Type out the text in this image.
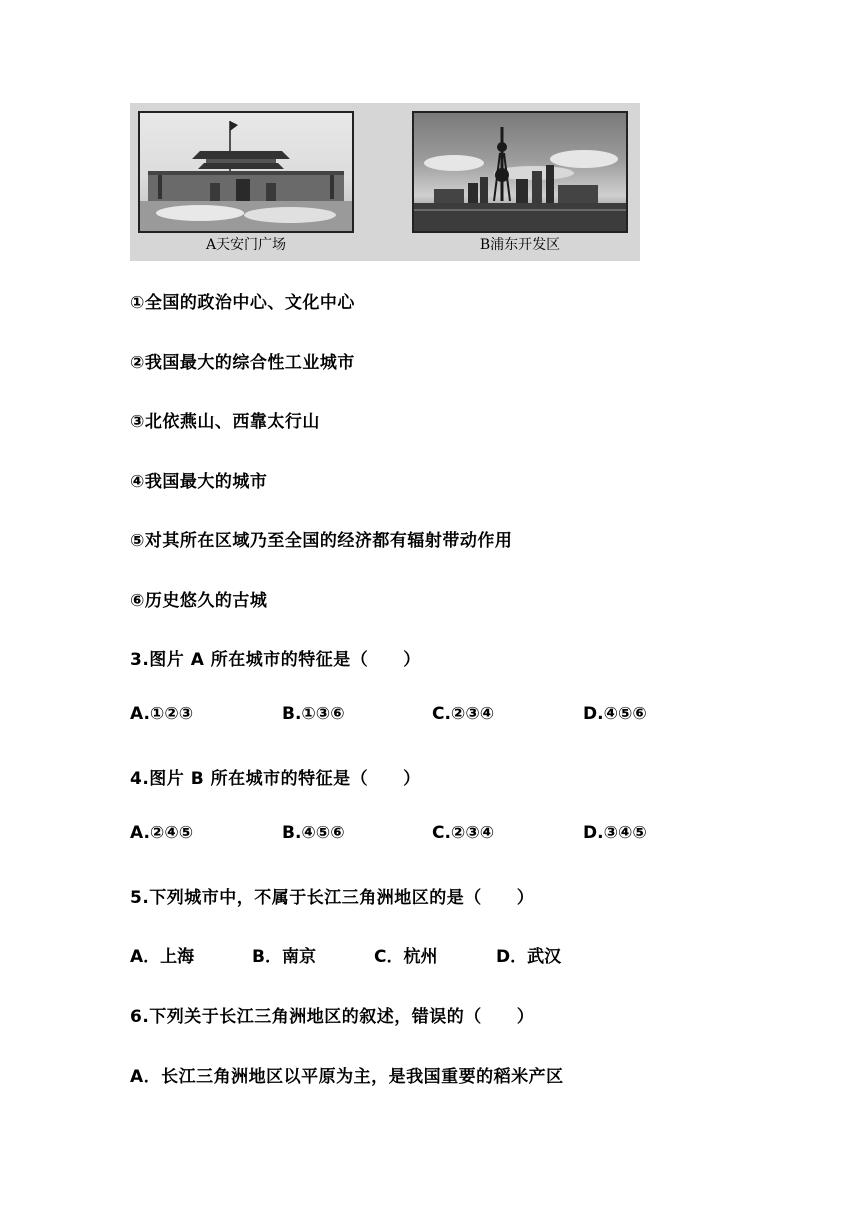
A天安门广场	B浦东开发区
①全国的政治中心、文化中心
②我国最大的综合性工业城市
③北依燕山、西靠太行山
④我国最大的城市
⑤对其所在区域乃至全国的经济都有辐射带动作用
⑥历史悠久的古城
3.图片 A 所在城市的特征是（　　）
A.①②③	B.①③⑥	C.②③④	D.④⑤⑥
4.图片 B 所在城市的特征是（　　）
A.②④⑤	B.④⑤⑥	C.②③④	D.③④⑤
5.下列城市中，不属于长江三角洲地区的是（　　）
A．上海	B．南京	C．杭州	D．武汉
6.下列关于长江三角洲地区的叙述，错误的（　　）
A．长江三角洲地区以平原为主，是我国重要的稻米产区
